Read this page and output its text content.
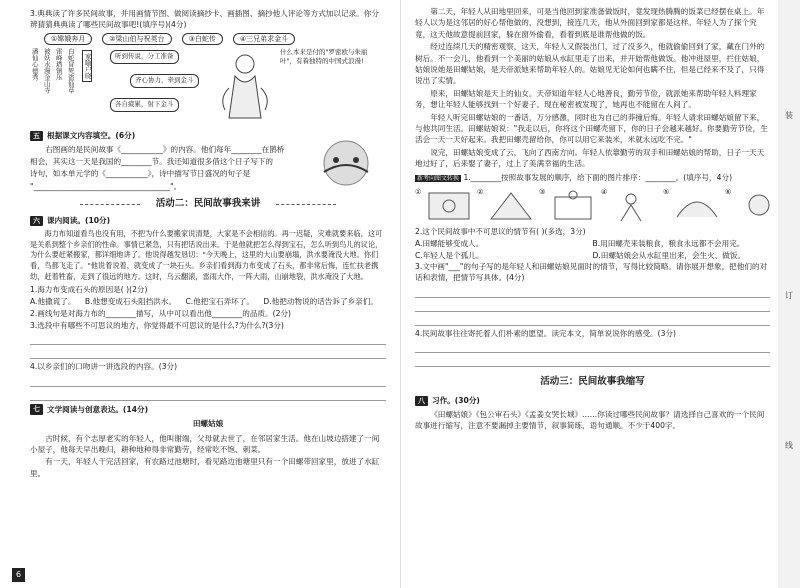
3.典典读了许多民间故事，并用画情节图、做阅读摘抄卡、画插图、摘抄他人评论等方式加以记录。你分辨猜猜典典读了哪些民间故事吧!(填序号)(4分)

①嫦娥奔月	②梁山伯与祝英台	③白蛇传	④三兄弟求金斗
潘仙心德秀 被妖水漫金山寺 雷峰塔镇压 白蛇冒死盗仙草 家喻户晓	听到传说，分工准备
齐心协力，牵到金斗
各自疲累，射下金斗
什么本来是付的"罗密欧与朱丽叶"，有着独特的中国式浪漫!
五 根据课文内容填空。(6分)

右图画的是民间故事《___________》的内容。他们每年________在鹊桥

相会，其实这一天是我国的________节。我还知道很多借这个日子写下的

诗句，如本单元学的《___________》，诗中描写节日盛况的句子是

"____________________________________"。

活动二：民间故事我来讲
六 课内阅读。(10分)

海力布知道看鸟也没有用，不把为什么要搬家说清楚，大家是不会相信的。再一迟疑，灾难就要来临，这可是关系到整个乡亲们的性命。事情已紧急，只有把话说出来。于是他就把怎么得到宝石，怎么听到鸟儿的议论，为什么要赶紧搬家，都详细地讲了。他说得越发恳切："今天晚上，这里的大山要崩塌，洪水要淹没大地。你们看，鸟都飞走了。"他说着说着，就变成了一块石头。乡亲们看到海力布变成了石头，都非常后悔，连忙扶老携幼，赶着牲畜，走到了很远的地方。这时，乌云翻滚，雷雨大作，一阵大雨，山崩地裂，洪水淹没了大地。

1.海力布变成石头的原因是( )(2分)

A.他撒谎了。 B.他想变成石头阻挡洪水。 C.他把宝石弄坏了。 D.他把动物说的话告诉了乡亲们。

2.画线句是对海力布的________描写，从中可以看出他________的品质。(2分)

3.选段中有哪些不可思议的地方，你觉得最不可思议的是什么?为什么?(3分)

4.以乡亲们的口吻讲一讲选段的内容。(3分)

七 文学阅读与创意表达。(14分)
田螺姑娘

古时候，有个志厚老实的年轻人，他叫谢端，父母就去世了，在邻居家生活。他在山坡边搭建了一间小屋子，他每天早出晚归，耕种地种得非常勤劳，经常吃不饱、刺菜。

有一天，年轻人干完活回家，有农路过池塘时，看见路边池塘里只有一个田螺带回家里，放进了水缸里。

6

第二天，年轻人从田地里回来，可是当他回到家准备做饭时，竟发现热腾腾的饭菜已经摆在桌上。年轻人以为是这邻居的好心帮他做的，没想到，接连几天，他从外面回到家都是这样。年轻人为了探个究竟，这天他故意提前回家，躲在窗外偷看，看着到底是谁帮他做的饭。

经过连续几天的精密观察，这天，年轻人又假装出门，过了没多久，他就偷偷回到了家，藏在门外的树后。不一会儿，他看到一个美丽的姑娘从水缸里走了出来，并开始帮他做饭。他冲进屋里，拦住姑娘，姑娘说她是田螺姑娘，是天帝派她来帮助年轻人的。姑娘见无论如何也瞒不住，但是已经来不及了，只得说出了实情。

原来，田螺姑娘是天上的仙女。天帝知道年轻人心地善良，勤劳节俭，就派她来帮助年轻人料理家务，想让年轻人能够找到一个好妻子。现在秘密被发现了，她再也不能留在人间了。

年轻人听完田螺姑娘的一番话，万分感激，同时也为自己的莽撞后悔。年轻人请求田螺姑娘留下来，与他共同生活。田螺姑娘说："我走以后，你将这个田螺壳留下，你的日子会越来越好。你要勤劳节俭，生活会一天一天好起来。我把田螺壳留给你，你可以用它来装米，米就永远吃不完。"

说完，田螺姑娘变成了云，飞向了西南方向。年轻人依靠勤劳的双手和田螺姑娘的帮助，日子一天天地过好了，后来娶了妻子，过上了美满幸福的生活。

新考向图文转换 1.________按照故事发展的顺序，给下面的图片排序：________。(填序号，4分)

①	②	③	④	⑤	⑥

2.这个民间故事中不可思议的情节有( )(多选，3分)

A.田螺能够变成人。	B.用田螺壳来装粮食，粮食永远都不会用完。
C.年轻人是个孤儿。	D.田螺姑娘会从水缸里出来，会生火、做饭。

3.文中画"___"的句子写的是年轻人和田螺姑娘见面时的情节，写得比较简略。请你展开想象，把他们的对话和表情，把情节写具体。(4分)

4.民间故事往往寄托着人们朴素的愿望。读完本文，简单说说你的感受。(3分)

活动三：民间故事我缩写
八 习作。(30分)

《田螺姑娘》《包公审石头》《孟姜女哭长城》……你读过哪些民间故事？请选择自己喜欢的一个民间故事进行缩写，注意不要漏掉主要情节，叙事简练，语句通顺。不少于400字。

装
订
线
